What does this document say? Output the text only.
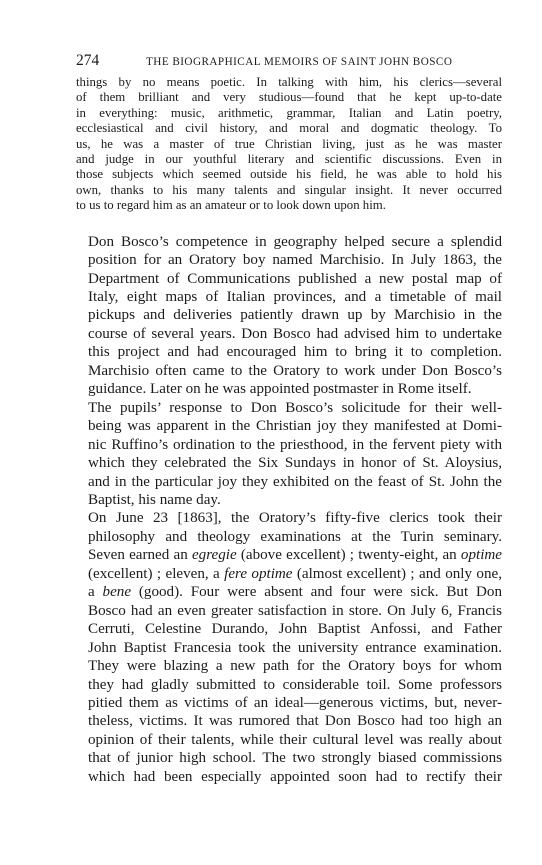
274	THE BIOGRAPHICAL MEMOIRS OF SAINT JOHN BOSCO

things by no means poetic. In talking with him, his clerics—several
of them brilliant and very studious—found that he kept up-to-date
in everything: music, arithmetic, grammar, Italian and Latin poetry,
ecclesiastical and civil history, and moral and dogmatic theology. To
us, he was a master of true Christian living, just as he was master
and judge in our youthful literary and scientific discussions. Even in
those subjects which seemed outside his field, he was able to hold his
own, thanks to his many talents and singular insight. It never occurred
to us to regard him as an amateur or to look down upon him.

Don Bosco’s competence in geography helped secure a splendid
position for an Oratory boy named Marchisio. In July 1863, the
Department of Communications published a new postal map of
Italy, eight maps of Italian provinces, and a timetable of mail
pickups and deliveries patiently drawn up by Marchisio in the
course of several years. Don Bosco had advised him to undertake
this project and had encouraged him to bring it to completion.
Marchisio often came to the Oratory to work under Don Bosco’s
guidance. Later on he was appointed postmaster in Rome itself.

The pupils’ response to Don Bosco’s solicitude for their well-
being was apparent in the Christian joy they manifested at Domi-
nic Ruffino’s ordination to the priesthood, in the fervent piety with
which they celebrated the Six Sundays in honor of St. Aloysius,
and in the particular joy they exhibited on the feast of St. John the
Baptist, his name day.

On June 23 [1863], the Oratory’s fifty-five clerics took their
philosophy and theology examinations at the Turin seminary.
Seven earned an egregie (above excellent) ; twenty-eight, an optime
(excellent) ; eleven, a fere optime (almost excellent) ; and only one,
a bene (good). Four were absent and four were sick. But Don
Bosco had an even greater satisfaction in store. On July 6, Francis
Cerruti, Celestine Durando, John Baptist Anfossi, and Father
John Baptist Francesia took the university entrance examination.
They were blazing a new path for the Oratory boys for whom
they had gladly submitted to considerable toil. Some professors
pitied them as victims of an ideal—generous victims, but, never-
theless, victims. It was rumored that Don Bosco had too high an
opinion of their talents, while their cultural level was really about
that of junior high school. The two strongly biased commissions
which had been especially appointed soon had to rectify their
